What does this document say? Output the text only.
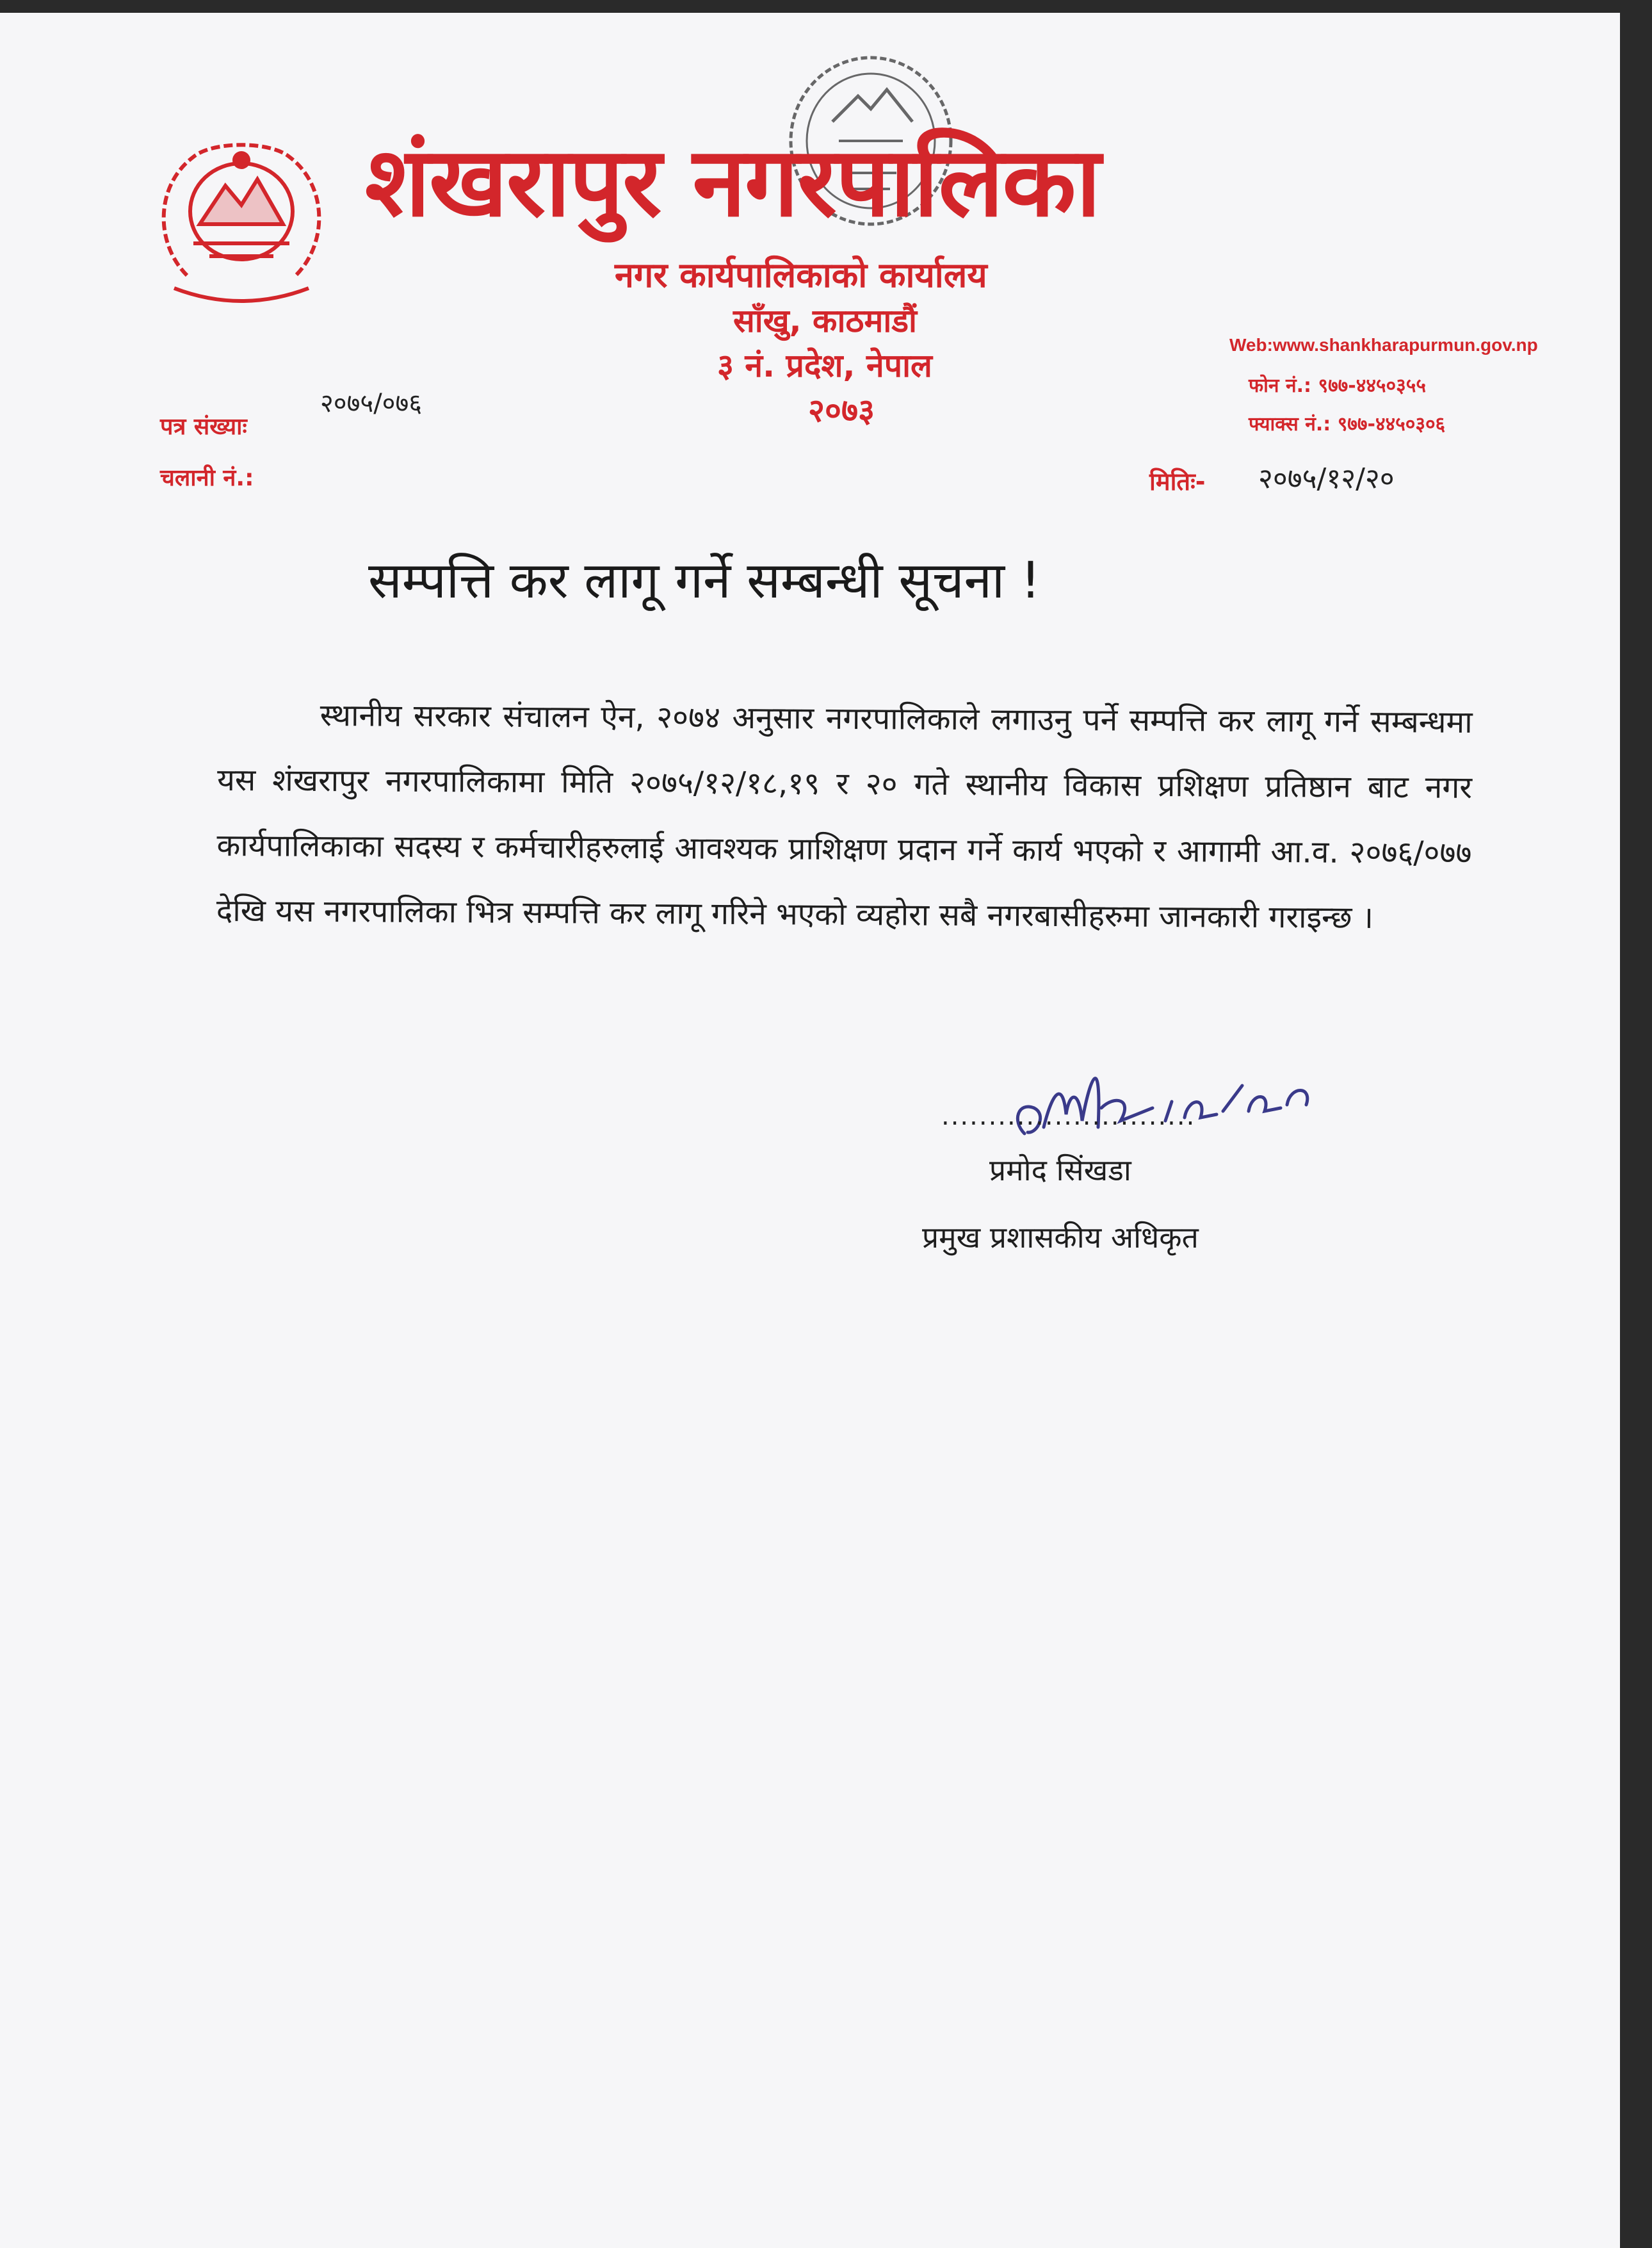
शंखरापुर नगरपालिका
नगर कार्यपालिकाको कार्यालय
साँखु, काठमाडौं
३ नं. प्रदेश, नेपाल
२०७३
Web:www.shankharapurmun.gov.np
फोन नं.: ९७७-४४५०३५५
फ्याक्स नं.: ९७७-४४५०३०६
पत्र संख्याः
२०७५/०७६
चलानी नं.:	मितिः- २०७५/१२/२०
सम्पत्ति कर लागू गर्ने सम्बन्धी सूचना !
स्थानीय सरकार संचालन ऐन, २०७४ अनुसार नगरपालिकाले लगाउनु पर्ने सम्पत्ति कर लागू गर्ने सम्बन्धमा यस शंखरापुर नगरपालिकामा मिति २०७५/१२/१८,१९ र २० गते स्थानीय विकास प्रशिक्षण प्रतिष्ठान बाट नगर कार्यपालिकाका सदस्य र कर्मचारीहरुलाई आवश्यक प्राशिक्षण प्रदान गर्ने कार्य भएको र आगामी आ.व. २०७६/०७७ देखि यस नगरपालिका भित्र सम्पत्ति कर लागू गरिने भएको व्यहोरा सबै नगरबासीहरुमा जानकारी गराइन्छ ।
...........................
प्रमोद सिंखडा
प्रमुख प्रशासकीय अधिकृत
